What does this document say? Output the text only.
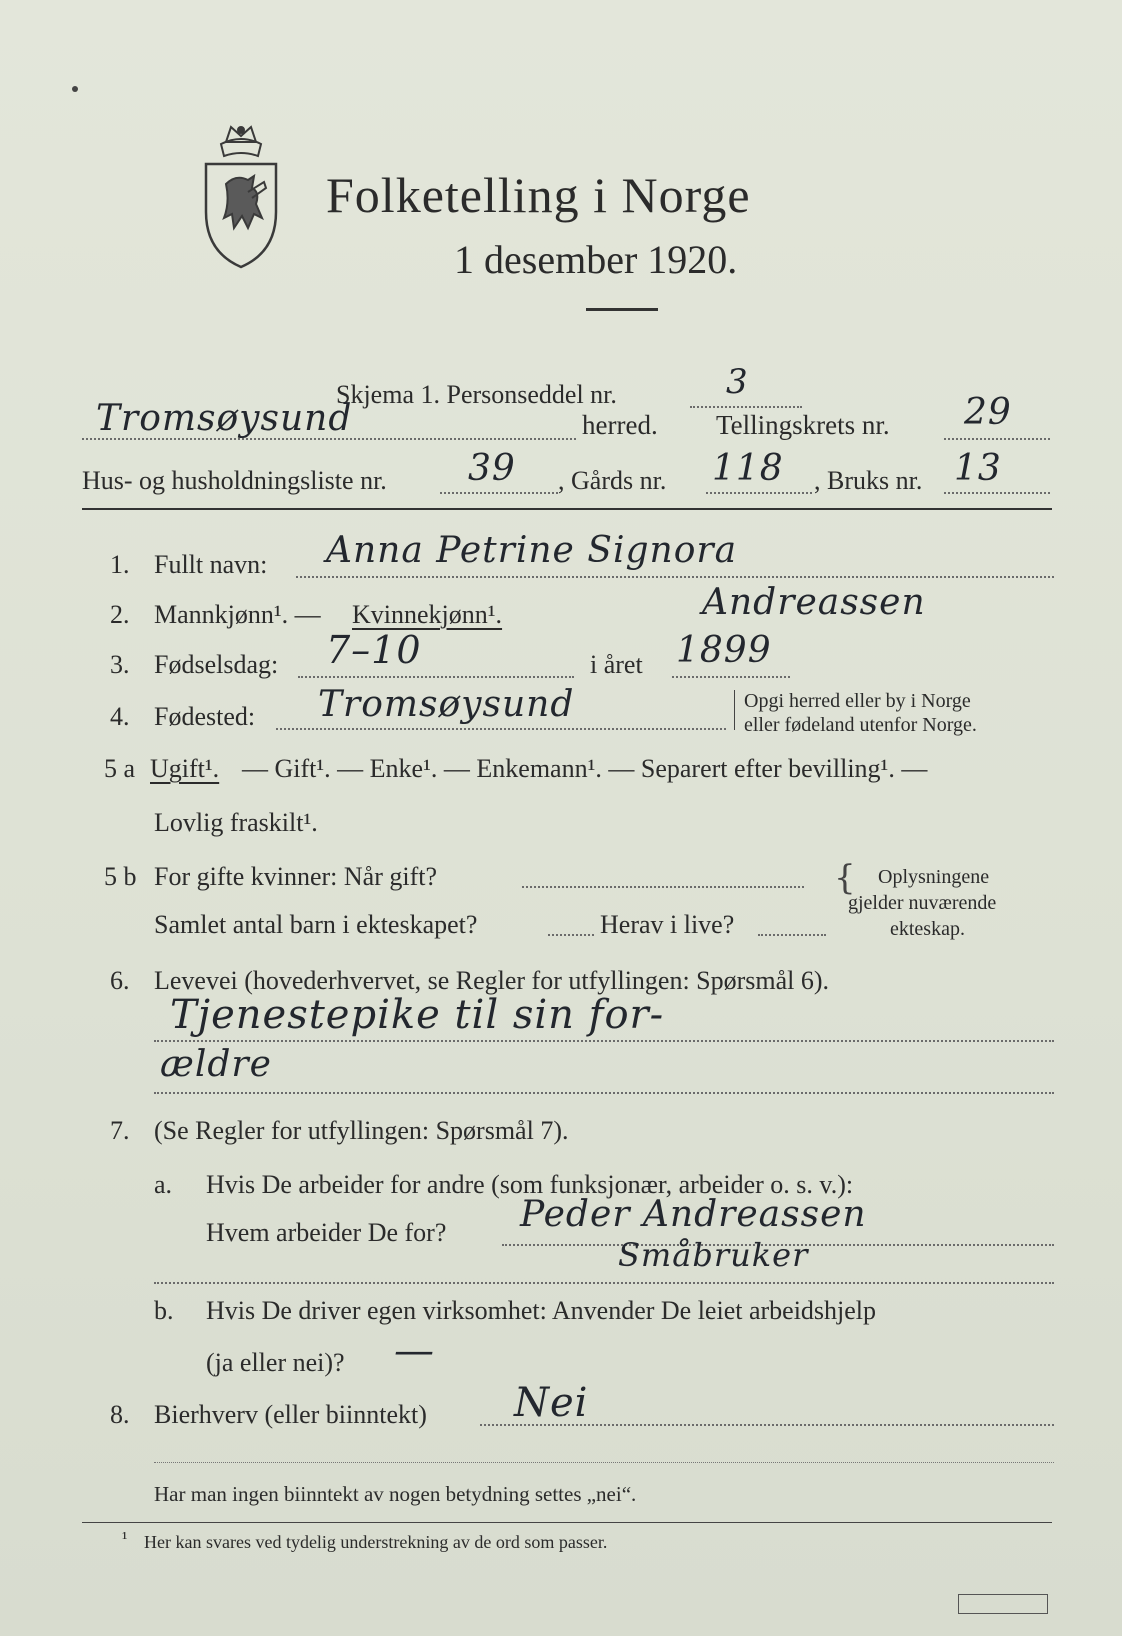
Folketelling i Norge
1 desember 1920.
Skjema 1. Personseddel nr.	3
Tromsøysund	herred. Tellingskrets nr. 29
Hus- og husholdningsliste nr. 39 , Gårds nr. 118 , Bruks nr. 13
1. Fullt navn: Anna Petrine Signora
2. Mannkjønn¹. — Kvinnekjønn¹.	Andreassen
3. Fødselsdag: 7–10	i året 1899
4. Fødested: Tromsøysund	Opgi herred eller by i Norge
eller fødeland utenfor Norge.
5 a Ugift¹. — Gift¹. — Enke¹. — Enkemann¹. — Separert efter bevilling¹. —
Lovlig fraskilt¹.
5 b For gifte kvinner: Når gift?
Samlet antal barn i ekteskapet?	Herav i live?
{ Oplysningene
gjelder nuværende
ekteskap.
6. Levevei (hovederhvervet, se Regler for utfyllingen: Spørsmål 6).
Tjenestepike til sin for-
ældre
7. (Se Regler for utfyllingen: Spørsmål 7).
a. Hvis De arbeider for andre (som funksjonær, arbeider o. s. v.):
Hvem arbeider De for? Peder Andreassen
Småbruker
b. Hvis De driver egen virksomhet: Anvender De leiet arbeidshjelp
(ja eller nei)? —
8. Bierhverv (eller biinntekt) Nei
Har man ingen biinntekt av nogen betydning settes „nei“.
¹ Her kan svares ved tydelig understrekning av de ord som passer.
